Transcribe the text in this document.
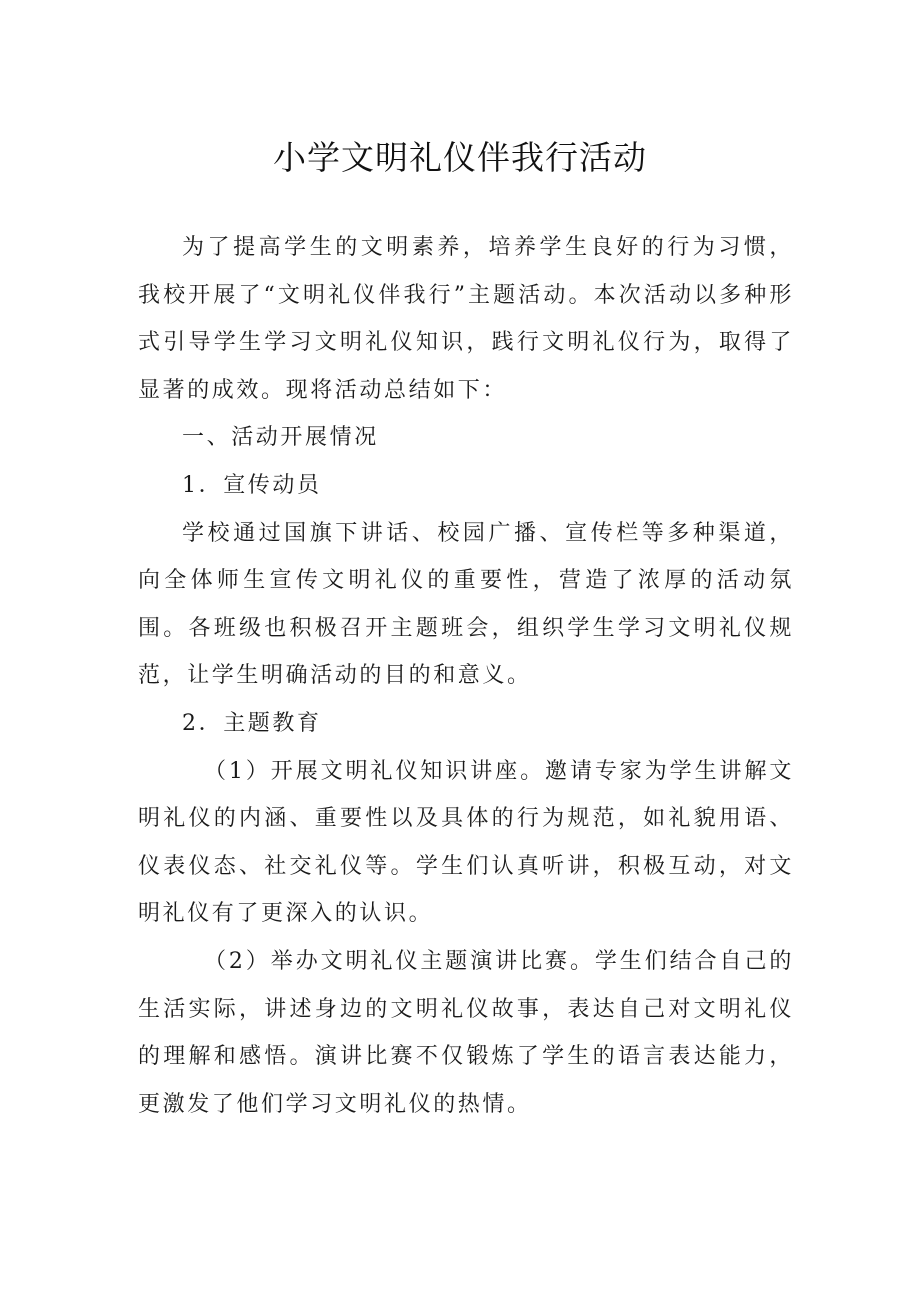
小学文明礼仪伴我行活动

为了提高学生的文明素养，培养学生良好的行为习惯，我校开展了“文明礼仪伴我行”主题活动。本次活动以多种形式引导学生学习文明礼仪知识，践行文明礼仪行为，取得了显著的成效。现将活动总结如下：

一、活动开展情况

1．宣传动员

学校通过国旗下讲话、校园广播、宣传栏等多种渠道，向全体师生宣传文明礼仪的重要性，营造了浓厚的活动氛围。各班级也积极召开主题班会，组织学生学习文明礼仪规范，让学生明确活动的目的和意义。

2．主题教育

（1）开展文明礼仪知识讲座。邀请专家为学生讲解文明礼仪的内涵、重要性以及具体的行为规范，如礼貌用语、仪表仪态、社交礼仪等。学生们认真听讲，积极互动，对文明礼仪有了更深入的认识。

（2）举办文明礼仪主题演讲比赛。学生们结合自己的生活实际，讲述身边的文明礼仪故事，表达自己对文明礼仪的理解和感悟。演讲比赛不仅锻炼了学生的语言表达能力，更激发了他们学习文明礼仪的热情。
